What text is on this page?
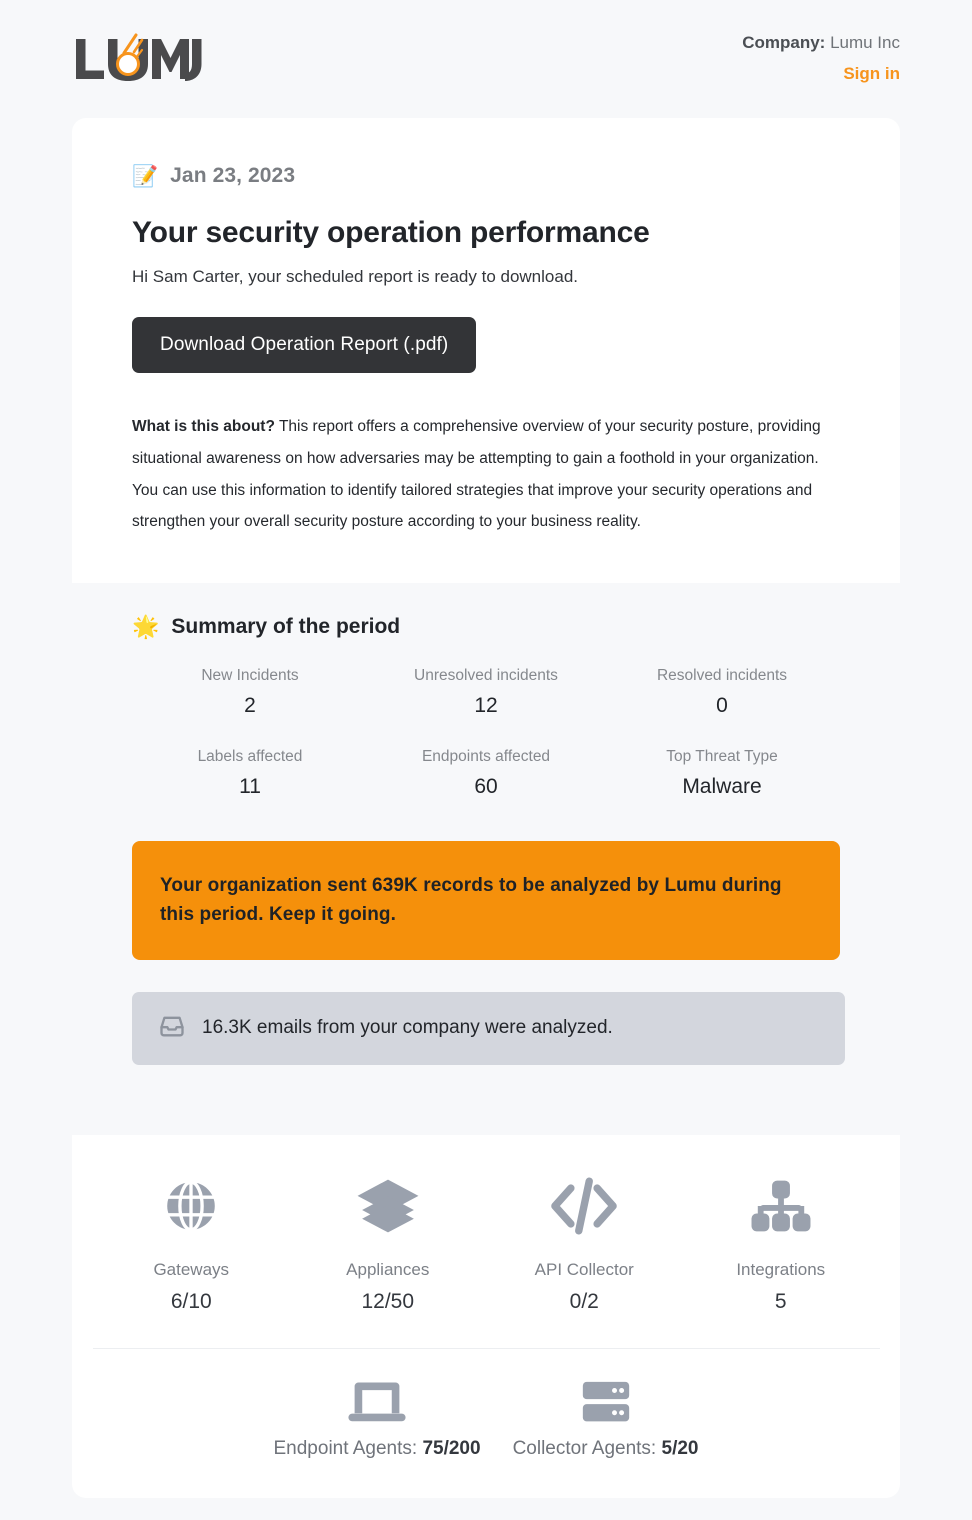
Company: Lumu Inc
Sign in
📝 Jan 23, 2023
Your security operation performance

Hi Sam Carter, your scheduled report is ready to download.

Download Operation Report (.pdf)

What is this about? This report offers a comprehensive overview of your security posture, providing situational awareness on how adversaries may be attempting to gain a foothold in your organization. You can use this information to identify tailored strategies that improve your security operations and strengthen your overall security posture according to your business reality.

🌟 Summary of the period
New Incidents
2
Unresolved incidents
12
Resolved incidents
0
Labels affected
11
Endpoints affected
60
Top Threat Type
Malware
Your organization sent 639K records to be analyzed by Lumu during this period. Keep it going.
16.3K emails from your company were analyzed.
Gateways
6/10
Appliances
12/50
API Collector
0/2
Integrations
5
Endpoint Agents: 75/200 Collector Agents: 5/20
